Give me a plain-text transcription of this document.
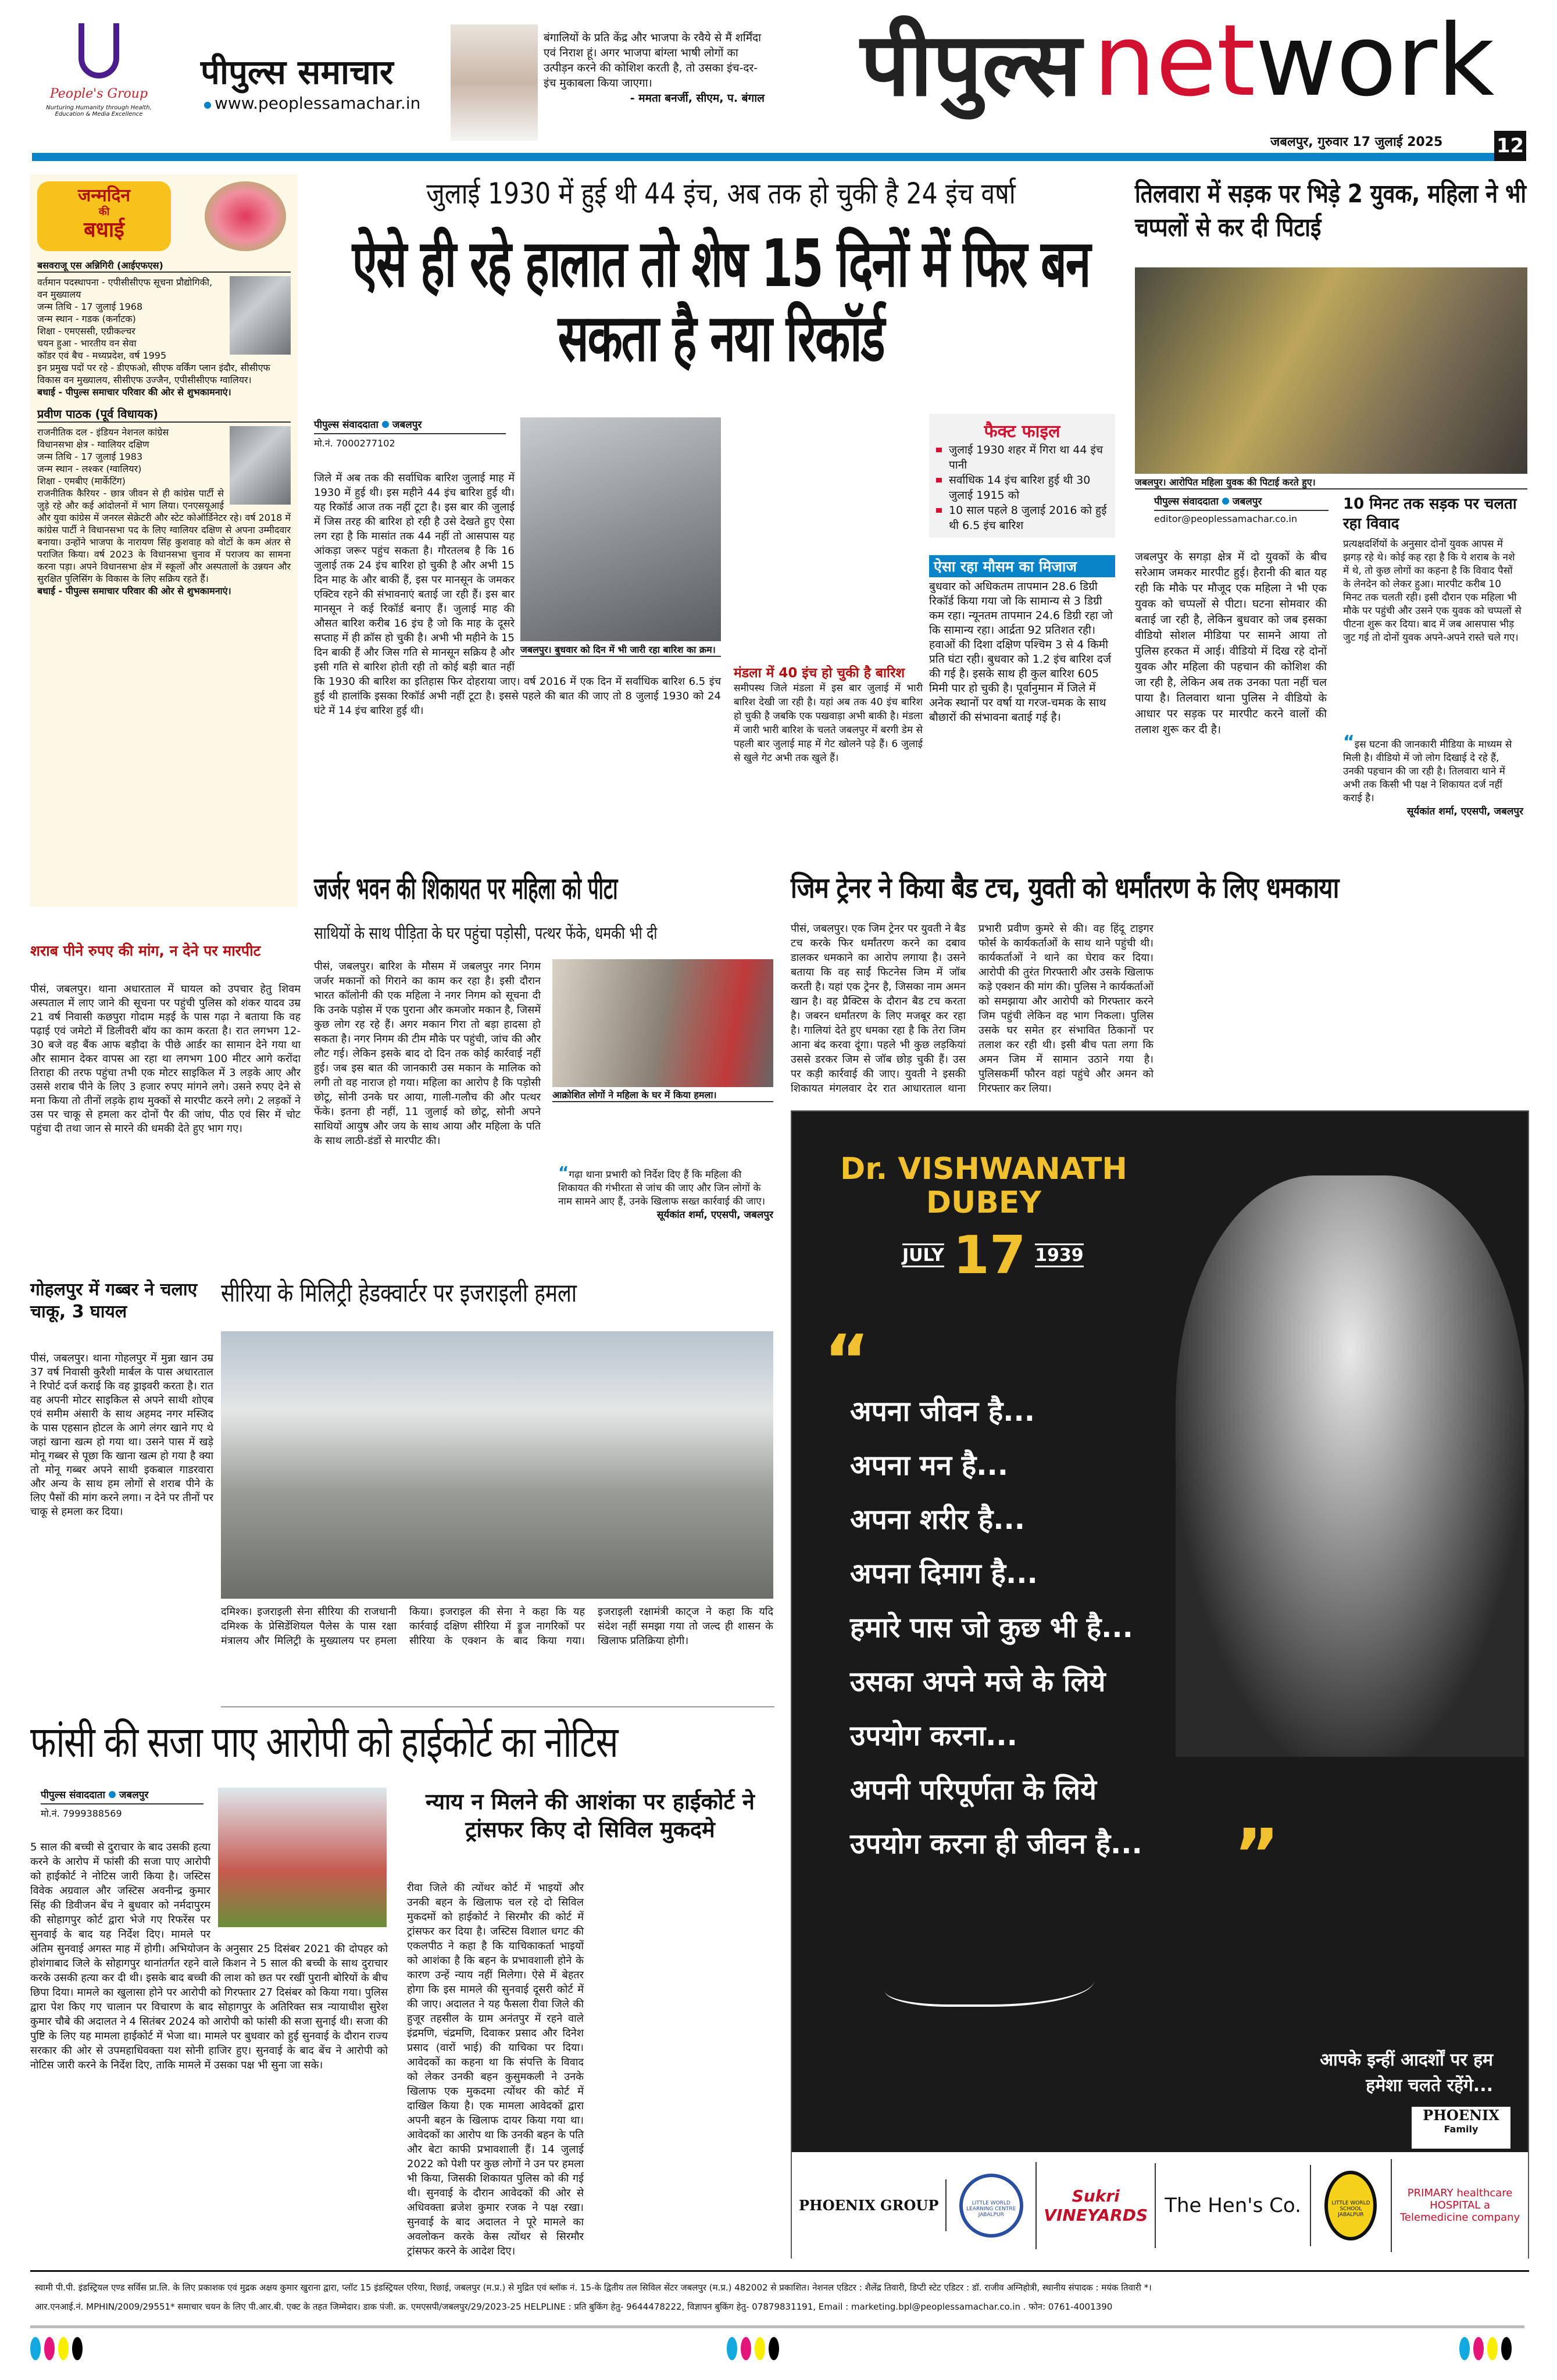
People's Group
Nurturing Humanity through Health, Education & Media Excellence
पीपुल्स समाचार
www.peoplessamachar.in
बंगालियों के प्रति केंद्र और भाजपा के रवैये से मैं शर्मिंदा एवं निराश हूं। अगर भाजपा बांग्ला भाषी लोगों का उत्पीड़न करने की कोशिश करती है, तो उसका इंच-दर-इंच मुकाबला किया जाएगा।
- ममता बनर्जी, सीएम, प. बंगाल पीपुल्स network
जबलपुर, गुरुवार 17 जुलाई 2025	12
जन्मदिन
की
बधाई
बसवराजू एस अन्निगिरी (आईएफएस)
वर्तमान पदस्थापना - एपीसीसीएफ सूचना प्रौद्योगिकी, वन मुख्यालय
जन्म तिथि - 17 जुलाई 1968
जन्म स्थान - गडक (कर्नाटक)
शिक्षा - एमएससी, एग्रीकल्चर
चयन हुआ - भारतीय वन सेवा
कॉडर एवं बैच - मध्यप्रदेश, वर्ष 1995
इन प्रमुख पदों पर रहे - डीएफओ, सीएफ वर्किंग प्लान इंदौर, सीसीएफ विकास वन मुख्यालय, सीसीएफ उज्जैन, एपीसीसीएफ ग्वालियर।
बधाई - पीपुल्स समाचार परिवार की ओर से शुभकामनाएं।
प्रवीण पाठक (पूर्व विधायक)
राजनीतिक दल - इंडियन नेशनल कांग्रेस
विधानसभा क्षेत्र - ग्वालियर दक्षिण
जन्म तिथि - 17 जुलाई 1983
जन्म स्थान - लश्कर (ग्वालियर)
शिक्षा - एमबीए (मार्केटिंग)
राजनीतिक कैरियर - छात्र जीवन से ही कांग्रेस पार्टी से जुड़े रहे और कई आंदोलनों में भाग लिया। एनएसयूआई और युवा कांग्रेस में जनरल सेक्रेटरी और स्टेट कोऑर्डिनेटर रहे। वर्ष 2018 में कांग्रेस पार्टी ने विधानसभा पद के लिए ग्वालियर दक्षिण से अपना उम्मीदवार बनाया। उन्होंने भाजपा के नारायण सिंह कुशवाह को वोटों के कम अंतर से पराजित किया। वर्ष 2023 के विधानसभा चुनाव में पराजय का सामना करना पड़ा। अपने विधानसभा क्षेत्र में स्कूलों और अस्पतालों के उन्नयन और सुरक्षित पुलिसिंग के विकास के लिए सक्रिय रहते हैं।
बधाई - पीपुल्स समाचार परिवार की ओर से शुभकामनाएं।
जुलाई 1930 में हुई थी 44 इंच, अब तक हो चुकी है 24 इंच वर्षा
ऐसे ही रहे हालात तो शेष 15 दिनों में फिर बन सकता है नया रिकॉर्ड
पीपुल्स संवाददाता जबलपुर
मो.नं. 7000277102
जिले में अब तक की सर्वाधिक बारिश जुलाई माह में 1930 में हुई थी। इस महीने 44 इंच बारिश हुई थी। यह रिकॉर्ड आज तक नहीं टूटा है। इस बार की जुलाई में जिस तरह की बारिश हो रही है उसे देखते हुए ऐसा लग रहा है कि मासांत तक 44 नहीं तो आसपास यह आंकड़ा जरूर पहुंच सकता है। गौरतलब है कि 16 जुलाई तक 24 इंच बारिश हो चुकी है और अभी 15 दिन माह के और बाकी हैं, इस पर मानसून के जमकर एक्टिव रहने की संभावनाएं बताई जा रही हैं। इस बार मानसून ने कई रिकॉर्ड बनाए हैं। जुलाई माह की औसत बारिश करीब 16 इंच है जो कि माह के दूसरे सप्ताह में ही क्रॉस हो चुकी है। अभी भी महीने के 15 दिन बाकी हैं और जिस गति से मानसून सक्रिय है और इसी गति से बारिश होती रही तो कोई बड़ी बात नहीं कि 1930 की बारिश का इतिहास फिर दोहराया जाए। वर्ष 2016 में एक दिन में सर्वाधिक बारिश 6.5 इंच हुई थी हालांकि इसका रिकॉर्ड अभी नहीं टूटा है। इससे पहले की बात की जाए तो 8 जुलाई 1930 को 24 घंटे में 14 इंच बारिश हुई थी।
जबलपुर। बुधवार को दिन में भी जारी रहा बारिश का क्रम।
मंडला में 40 इंच हो चुकी है बारिश
समीपस्थ जिले मंडला में इस बार जुलाई में भारी बारिश देखी जा रही है। यहां अब तक 40 इंच बारिश हो चुकी है जबकि एक पखवाड़ा अभी बाकी है। मंडला में जारी भारी बारिश के चलते जबलपुर में बरगी डेम से पहली बार जुलाई माह में गेट खोलने पड़े हैं। 6 जुलाई से खुले गेट अभी तक खुले हैं।
फैक्ट फाइल
जुलाई 1930 शहर में गिरा था 44 इंच पानी
सर्वाधिक 14 इंच बारिश हुई थी 30 जुलाई 1915 को
10 साल पहले 8 जुलाई 2016 को हुई थी 6.5 इंच बारिश
ऐसा रहा मौसम का मिजाज
बुधवार को अधिकतम तापमान 28.6 डिग्री रिकॉर्ड किया गया जो कि सामान्य से 3 डिग्री कम रहा। न्यूनतम तापमान 24.6 डिग्री रहा जो कि सामान्य रहा। आर्द्रता 92 प्रतिशत रही। हवाओं की दिशा दक्षिण पश्चिम 3 से 4 किमी प्रति घंटा रही। बुधवार को 1.2 इंच बारिश दर्ज की गई है। इसके साथ ही कुल बारिश 605 मिमी पार हो चुकी है। पूर्वानुमान में जिले में अनेक स्थानों पर वर्षा या गरज-चमक के साथ बौछारों की संभावना बताई गई है।
तिलवारा में सड़क पर भिड़े 2 युवक, महिला ने भी चप्पलों से कर दी पिटाई
जबलपुर। आरोपित महिला युवक की पिटाई करते हुए।
पीपुल्स संवाददाता जबलपुर
editor@peoplessamachar.co.in
जबलपुर के सगड़ा क्षेत्र में दो युवकों के बीच सरेआम जमकर मारपीट हुई। हैरानी की बात यह रही कि मौके पर मौजूद एक महिला ने भी एक युवक को चप्पलों से पीटा। घटना सोमवार की बताई जा रही है, लेकिन बुधवार को जब इसका वीडियो सोशल मीडिया पर सामने आया तो पुलिस हरकत में आई। वीडियो में दिख रहे दोनों युवक और महिला की पहचान की कोशिश की जा रही है, लेकिन अब तक उनका पता नहीं चल पाया है। तिलवारा थाना पुलिस ने वीडियो के आधार पर सड़क पर मारपीट करने वालों की तलाश शुरू कर दी है।
10 मिनट तक सड़क पर चलता रहा विवाद
प्रत्यक्षदर्शियों के अनुसार दोनों युवक आपस में झगड़ रहे थे। कोई कह रहा है कि ये शराब के नशे में थे, तो कुछ लोगों का कहना है कि विवाद पैसों के लेनदेन को लेकर हुआ। मारपीट करीब 10 मिनट तक चलती रही। इसी दौरान एक महिला भी मौके पर पहुंची और उसने एक युवक को चप्पलों से पीटना शुरू कर दिया। बाद में जब आसपास भीड़ जुट गई तो दोनों युवक अपने-अपने रास्ते चले गए।
“इस घटना की जानकारी मीडिया के माध्यम से मिली है। वीडियो में जो लोग दिखाई दे रहे हैं, उनकी पहचान की जा रही है। तिलवारा थाने में अभी तक किसी भी पक्ष ने शिकायत दर्ज नहीं कराई है।
सूर्यकांत शर्मा, एएसपी, जबलपुर
शराब पीने रुपए की मांग, न देने पर मारपीट
पीसं, जबलपुर। थाना अधारताल में घायल को उपचार हेतु शिवम अस्पताल में लाए जाने की सूचना पर पहुंची पुलिस को शंकर यादव उम्र 21 वर्ष निवासी कछपुरा गोदाम मड़ई के पास गढ़ा ने बताया कि वह पढ़ाई एवं जमेटो में डिलीवरी बॉय का काम करता है। रात लगभग 12-30 बजे वह बैंक आफ बड़ौदा के पीछे आर्डर का सामान देने गया था और सामान देकर वापस आ रहा था लगभग 100 मीटर आगे करोंदा तिराहा की तरफ पहुंचा तभी एक मोटर साइकिल में 3 लड़के आए और उससे शराब पीने के लिए 3 हजार रुपए मांगने लगे। उसने रुपए देने से मना किया तो तीनों लड़के हाथ मुक्कों से मारपीट करने लगे। 2 लड़कों ने उस पर चाकू से हमला कर दोनों पैर की जांघ, पीठ एवं सिर में चोट पहुंचा दी तथा जान से मारने की धमकी देते हुए भाग गए।
जर्जर भवन की शिकायत पर महिला को पीटा
साथियों के साथ पीड़िता के घर पहुंचा पड़ोसी, पत्थर फेंके, धमकी भी दी
पीसं, जबलपुर। बारिश के मौसम में जबलपुर नगर निगम जर्जर मकानों को गिराने का काम कर रहा है। इसी दौरान भारत कॉलोनी की एक महिला ने नगर निगम को सूचना दी कि उनके पड़ोस में एक पुराना और कमजोर मकान है, जिसमें कुछ लोग रह रहे हैं। अगर मकान गिरा तो बड़ा हादसा हो सकता है। नगर निगम की टीम मौके पर पहुंची, जांच की और लौट गई। लेकिन इसके बाद दो दिन तक कोई कार्रवाई नहीं हुई। जब इस बात की जानकारी उस मकान के मालिक को लगी तो वह नाराज हो गया। महिला का आरोप है कि पड़ोसी छोटू, सोनी उनके घर आया, गाली-गलौच की और पत्थर फेंके। इतना ही नहीं, 11 जुलाई को छोटू, सोनी अपने साथियों आयुष और जय के साथ आया और महिला के पति के साथ लाठी-डंडों से मारपीट की।
आक्रोशित लोगों ने महिला के घर में किया हमला।
“गढ़ा थाना प्रभारी को निर्देश दिए हैं कि महिला की शिकायत की गंभीरता से जांच की जाए और जिन लोगों के नाम सामने आए हैं, उनके खिलाफ सख्त कार्रवाई की जाए।
सूर्यकांत शर्मा, एएसपी, जबलपुर
जिम ट्रेनर ने किया बैड टच, युवती को धर्मांतरण के लिए धमकाया
पीसं, जबलपुर। एक जिम ट्रेनर पर युवती ने बैड टच करके फिर धर्मांतरण करने का दबाव डालकर धमकाने का आरोप लगाया है। उसने बताया कि वह साईं फिटनेस जिम में जॉब करती है। यहां एक ट्रेनर है, जिसका नाम अमन खान है। वह प्रैक्टिस के दौरान बैड टच करता है। जबरन धर्मांतरण के लिए मजबूर कर रहा है। गालियां देते हुए धमका रहा है कि तेरा जिम आना बंद करवा दूंगा। पहले भी कुछ लड़कियां उससे डरकर जिम से जॉब छोड़ चुकी हैं। उस पर कड़ी कार्रवाई की जाए। युवती ने इसकी शिकायत मंगलवार देर रात आधारताल थाना प्रभारी प्रवीण कुमरे से की। वह हिंदू टाइगर फोर्स के कार्यकर्ताओं के साथ थाने पहुंची थी। कार्यकर्ताओं ने थाने का घेराव कर दिया। आरोपी की तुरंत गिरफ्तारी और उसके खिलाफ कड़े एक्शन की मांग की। पुलिस ने कार्यकर्ताओं को समझाया और आरोपी को गिरफ्तार करने जिम पहुंची लेकिन वह भाग निकला। पुलिस उसके घर समेत हर संभावित ठिकानों पर तलाश कर रही थी। इसी बीच पता लगा कि अमन जिम में सामान उठाने गया है। पुलिसकर्मी फौरन वहां पहुंचे और अमन को गिरफ्तार कर लिया।
Dr. VISHWANATH
DUBEY
JULY 17 1939
“
अपना जीवन है...
अपना मन है...
अपना शरीर है...
अपना दिमाग है...
हमारे पास जो कुछ भी है...
उसका अपने मजे के लिये
उपयोग करना...
अपनी परिपूर्णता के लिये
उपयोग करना ही जीवन है... ”
आपके इन्हीं आदर्शों पर हम
हमेशा चलते रहेंगे...
PHOENIX
Family
PHOENIX GROUP	LITTLE WORLD LEARNING CENTRE JABALPUR
Sukri VINEYARDS The Hen's Co.	LITTLE WORLD SCHOOL JABALPUR
PRIMARY healthcare HOSPITAL a Telemedicine company
गोहलपुर में गब्बर ने चलाए चाकू, 3 घायल
पीसं, जबलपुर। थाना गोहलपुर में मुन्ना खान उम्र 37 वर्ष निवासी कुरैशी मार्बल के पास अधारताल ने रिपोर्ट दर्ज कराई कि वह ड्राइवरी करता है। रात वह अपनी मोटर साइकिल से अपने साथी शोएब एवं समीम अंसारी के साथ अहमद नगर मस्जिद के पास एहसान होटल के आगे लंगर खाने गए थे जहां खाना खत्म हो गया था। उसने पास में खड़े मोनू गब्बर से पूछा कि खाना खत्म हो गया है क्या तो मोनू गब्बर अपने साथी इकबाल गाडरवारा और अन्य के साथ हम लोगों से शराब पीने के लिए पैसों की मांग करने लगा। न देने पर तीनों पर चाकू से हमला कर दिया।
सीरिया के मिलिट्री हेडक्वार्टर पर इजराइली हमला
दमिश्क। इजराइली सेना सीरिया की राजधानी दमिश्क के प्रेसिडेंशियल पैलेस के पास रक्षा मंत्रालय और मिलिट्री के मुख्यालय पर हमला किया। इजराइल की सेना ने कहा कि यह कार्रवाई दक्षिण सीरिया में ड्रूज नागरिकों पर सीरिया के एक्शन के बाद किया गया। इजराइली रक्षामंत्री काट्ज ने कहा कि यदि संदेश नहीं समझा गया तो जल्द ही शासन के खिलाफ प्रतिक्रिया होगी।
फांसी की सजा पाए आरोपी को हाईकोर्ट का नोटिस
पीपुल्स संवाददाता जबलपुर
मो.नं. 7999388569
5 साल की बच्ची से दुराचार के बाद उसकी हत्या करने के आरोप में फांसी की सजा पाए आरोपी को हाईकोर्ट ने नोटिस जारी किया है। जस्टिस विवेक अग्रवाल और जस्टिस अवनीन्द्र कुमार सिंह की डिवीजन बेंच ने बुधवार को नर्मदापुरम की सोहागपुर कोर्ट द्वारा भेजे गए रिफरेंस पर सुनवाई के बाद यह निर्देश दिए। मामले पर अंतिम सुनवाई अगस्त माह में होगी। अभियोजन के अनुसार 25 दिसंबर 2021 की दोपहर को होशंगाबाद जिले के सोहागपुर थानांतर्गत रहने वाले किशन ने 5 साल की बच्ची के साथ दुराचार करके उसकी हत्या कर दी थी। इसके बाद बच्ची की लाश को छत पर रखीं पुरानी बोरियों के बीच छिपा दिया। मामले का खुलासा होने पर आरोपी को गिरफ्तार 27 दिसंबर को किया गया। पुलिस द्वारा पेश किए गए चालान पर विचारण के बाद सोहागपुर के अतिरिक्त सत्र न्यायाधीश सुरेश कुमार चौबे की अदालत ने 4 सितंबर 2024 को आरोपी को फांसी की सजा सुनाई थी। सजा की पुष्टि के लिए यह मामला हाईकोर्ट में भेजा था। मामले पर बुधवार को हुई सुनवाई के दौरान राज्य सरकार की ओर से उपमहाधिवक्ता यश सोनी हाजिर हुए। सुनवाई के बाद बेंच ने आरोपी को नोटिस जारी करने के निर्देश दिए, ताकि मामले में उसका पक्ष भी सुना जा सके।
न्याय न मिलने की आशंका पर हाईकोर्ट ने ट्रांसफर किए दो सिविल मुकदमे
रीवा जिले की त्योंथर कोर्ट में भाइयों और उनकी बहन के खिलाफ चल रहे दो सिविल मुकदमों को हाईकोर्ट ने सिरमौर की कोर्ट में ट्रांसफर कर दिया है। जस्टिस विशाल धगट की एकलपीठ ने कहा है कि याचिकाकर्ता भाइयों को आशंका है कि बहन के प्रभावशाली होने के कारण उन्हें न्याय नहीं मिलेगा। ऐसे में बेहतर होगा कि इस मामले की सुनवाई दूसरी कोर्ट में की जाए। अदालत ने यह फैसला रीवा जिले की हुजूर तहसील के ग्राम अनंतपुर में रहने वाले इंद्रमणि, चंद्रमणि, दिवाकर प्रसाद और दिनेश प्रसाद (वारों भाई) की याचिका पर दिया। आवेदकों का कहना था कि संपत्ति के विवाद को लेकर उनकी बहन कुसुमकली ने उनके खिलाफ एक मुकदमा त्योंथर की कोर्ट में दाखिल किया है। एक मामला आवेदकों द्वारा अपनी बहन के खिलाफ दायर किया गया था। आवेदकों का आरोप था कि उनकी बहन के पति और बेटा काफी प्रभावशाली हैं। 14 जुलाई 2022 को पेशी पर कुछ लोगों ने उन पर हमला भी किया, जिसकी शिकायत पुलिस को की गई थी। सुनवाई के दौरान आवेदकों की ओर से अधिवक्ता ब्रजेश कुमार रजक ने पक्ष रखा। सुनवाई के बाद अदालत ने पूरे मामले का अवलोकन करके केस त्योंथर से सिरमौर ट्रांसफर करने के आदेश दिए।
स्वामी पी.पी. इंडस्ट्रियल एण्ड सर्विस प्रा.लि. के लिए प्रकाशक एवं मुद्रक अक्षय कुमार खुराना द्वारा, प्लॉट 15 इंडस्ट्रियल एरिया, रिछाई, जबलपुर (म.प्र.) से मुद्रित एवं ब्लॉक नं. 15-के द्वितीय तल सिविल सेंटर जबलपुर (म.प्र.) 482002 से प्रकाशित। नेशनल एडिटर : शैलेंद्र तिवारी, डिप्टी स्टेट एडिटर : डॉ. राजीव अग्निहोत्री, स्थानीय संपादक : मयंक तिवारी *।
आर.एनआई.नं. MPHIN/2009/29551* समाचार चयन के लिए पी.आर.बी. एक्ट के तहत जिम्मेदार। डाक पंजी. क्र. एमएसपी/जबलपुर/29/2023-25 HELPLINE : प्रति बुकिंग हेतु- 9644478222, विज्ञापन बुकिंग हेतु- 07879831191, Email : marketing.bpl@peoplessamachar.co.in . फोन: 0761-4001390
